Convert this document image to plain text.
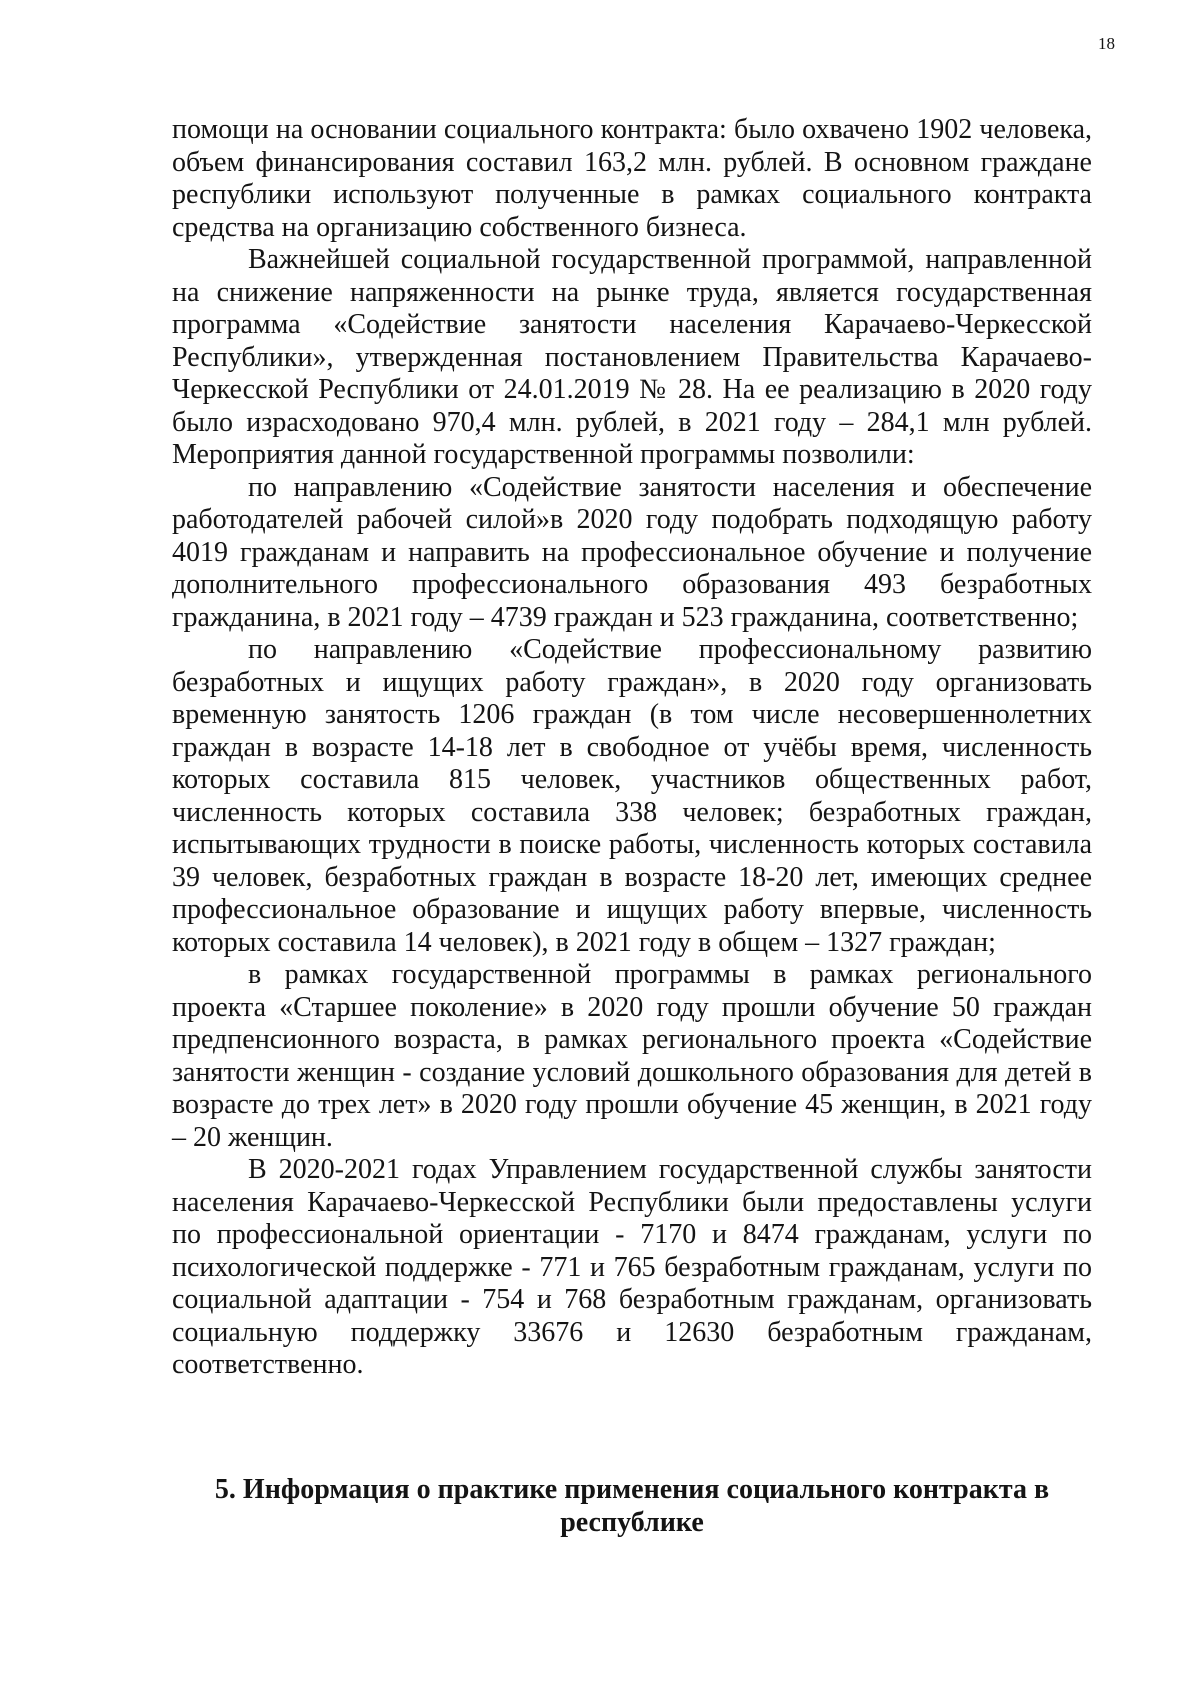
18

помощи на основании социального контракта: было охвачено 1902 человека, объем финансирования составил 163,2 млн. рублей. В основном граждане республики используют полученные в рамках социального контракта средства на организацию собственного бизнеса.

Важнейшей социальной государственной программой, направленной на снижение напряженности на рынке труда, является государственная программа «Содействие занятости населения Карачаево-Черкесской Республики», утвержденная постановлением Правительства Карачаево-Черкесской Республики от 24.01.2019 № 28. На ее реализацию в 2020 году было израсходовано 970,4 млн. рублей, в 2021 году – 284,1 млн рублей. Мероприятия данной государственной программы позволили:

по направлению «Содействие занятости населения и обеспечение работодателей рабочей силой»в 2020 году подобрать подходящую работу 4019 гражданам и направить на профессиональное обучение и получение дополнительного профессионального образования 493 безработных гражданина, в 2021 году – 4739 граждан и 523 гражданина, соответственно;

по направлению «Содействие профессиональному развитию безработных и ищущих работу граждан», в 2020 году организовать временную занятость 1206 граждан (в том числе несовершеннолетних граждан в возрасте 14-18 лет в свободное от учёбы время, численность которых составила 815 человек, участников общественных работ, численность которых составила 338 человек; безработных граждан, испытывающих трудности в поиске работы, численность которых составила 39 человек, безработных граждан в возрасте 18-20 лет, имеющих среднее профессиональное образование и ищущих работу впервые, численность которых составила 14 человек), в 2021 году в общем – 1327 граждан;

в рамках государственной программы в рамках регионального проекта «Старшее поколение» в 2020 году прошли обучение 50 граждан предпенсионного возраста, в рамках регионального проекта «Содействие занятости женщин - создание условий дошкольного образования для детей в возрасте до трех лет» в 2020 году прошли обучение 45 женщин, в 2021 году – 20 женщин.

В 2020-2021 годах Управлением государственной службы занятости населения Карачаево-Черкесской Республики были предоставлены услуги по профессиональной ориентации - 7170 и 8474 гражданам, услуги по психологической поддержке - 771 и 765 безработным гражданам, услуги по социальной адаптации - 754 и 768 безработным гражданам, организовать социальную поддержку 33676 и 12630 безработным гражданам, соответственно.

5. Информация о практике применения социального контракта в республике
